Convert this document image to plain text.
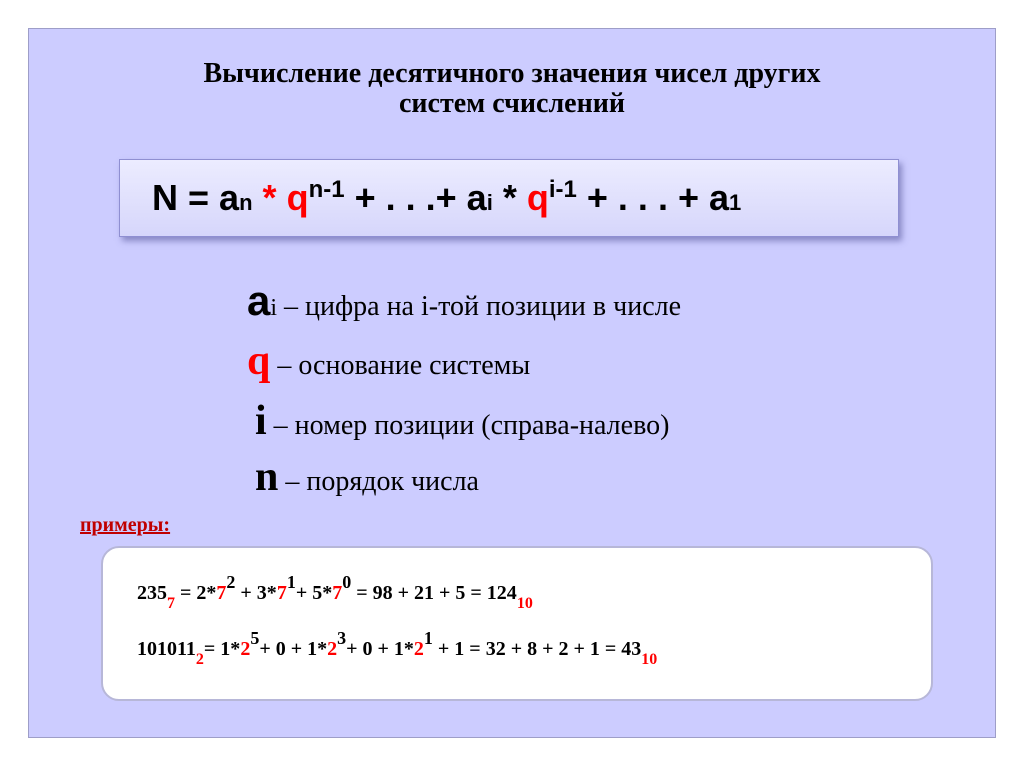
Вычисление десятичного значения чисел других
систем счислений
N = an * $q^{n-1}$ + . . .+ ai * $q^{i-1}$ + . . . + a1
ai – цифра на i-той позиции в числе
q – основание системы
i – номер позиции (справа-налево)
n – порядок числа
примеры:
$235_7 = 2*7^2 + 3*7^1+ 5*7^0 = 98 + 21 + 5 = 124_{10}$
$101011_2= 1*2^5+ 0 + 1*2^3+ 0 + 1*2^1 + 1 = 32 + 8 + 2 + 1 = 43_{10}$
